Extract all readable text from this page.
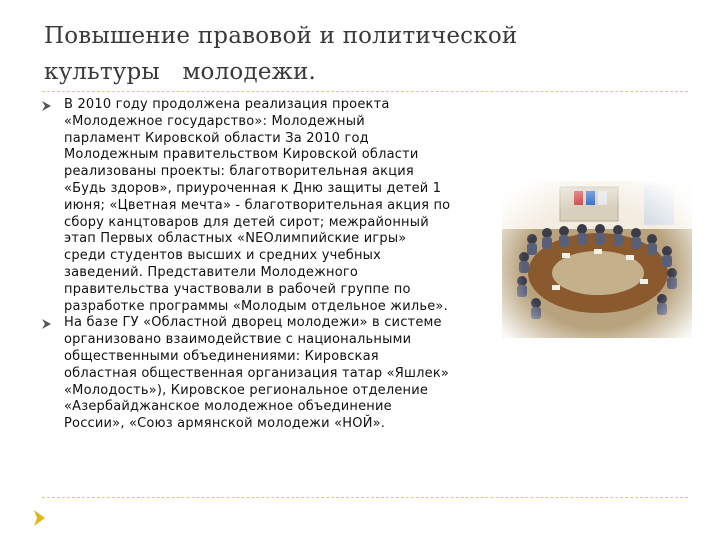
Повышение правовой и политической
культуры   молодежи.
В 2010 году продолжена реализация проекта
«Молодежное государство»: Молодежный
парламент Кировской области За 2010 год
Молодежным правительством Кировской области
реализованы проекты: благотворительная акция
«Будь здоров», приуроченная к Дню защиты детей 1
июня; «Цветная мечта» - благотворительная акция по
сбору канцтоваров для детей сирот; межрайонный
этап Первых областных «NEОлимпийские игры»
среди студентов высших и средних учебных
заведений. Представители Молодежного
правительства участвовали в рабочей группе по
разработке программы «Молодым отдельное жилье».
На базе ГУ «Областной дворец молодежи» в системе
организовано взаимодействие с национальными
общественными объединениями: Кировская
областная общественная организация татар «Яшлек»
«Молодость»), Кировское региональное отделение
«Азербайджанское молодежное объединение
России», «Союз армянской молодежи «НОЙ».
